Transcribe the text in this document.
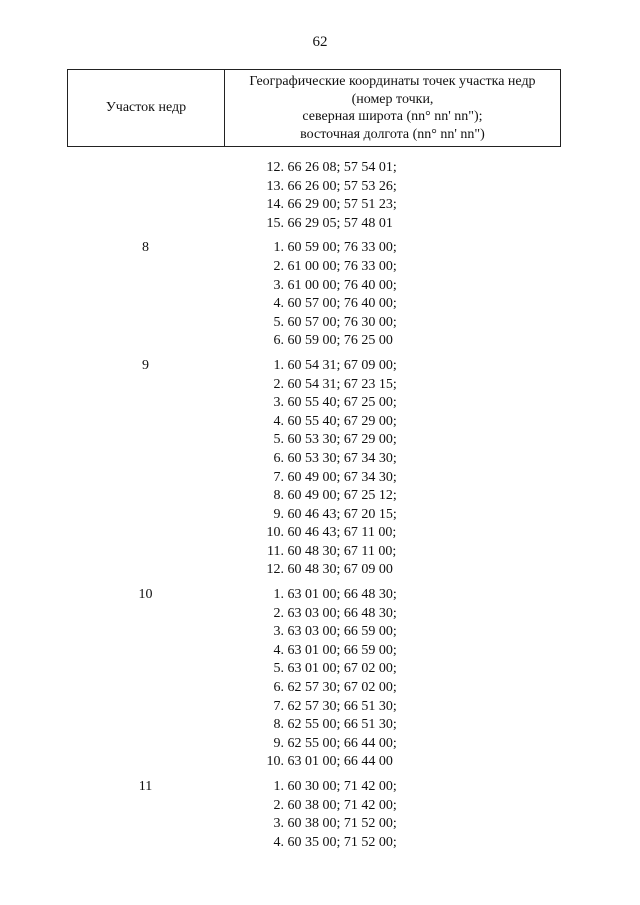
62
Участок недр
Географические координаты точек участка недр
(номер точки,
северная широта (nn° nn' nn");
восточная долгота (nn° nn' nn")
12. 66 26 08; 57 54 01;
13. 66 26 00; 57 53 26;
14. 66 29 00; 57 51 23;
15. 66 29 05; 57 48 01
8	1. 60 59 00; 76 33 00;
2. 61 00 00; 76 33 00;
3. 61 00 00; 76 40 00;
4. 60 57 00; 76 40 00;
5. 60 57 00; 76 30 00;
6. 60 59 00; 76 25 00
9	1. 60 54 31; 67 09 00;
2. 60 54 31; 67 23 15;
3. 60 55 40; 67 25 00;
4. 60 55 40; 67 29 00;
5. 60 53 30; 67 29 00;
6. 60 53 30; 67 34 30;
7. 60 49 00; 67 34 30;
8. 60 49 00; 67 25 12;
9. 60 46 43; 67 20 15;
10. 60 46 43; 67 11 00;
11. 60 48 30; 67 11 00;
12. 60 48 30; 67 09 00
10	1. 63 01 00; 66 48 30;
2. 63 03 00; 66 48 30;
3. 63 03 00; 66 59 00;
4. 63 01 00; 66 59 00;
5. 63 01 00; 67 02 00;
6. 62 57 30; 67 02 00;
7. 62 57 30; 66 51 30;
8. 62 55 00; 66 51 30;
9. 62 55 00; 66 44 00;
10. 63 01 00; 66 44 00
11	1. 60 30 00; 71 42 00;
2. 60 38 00; 71 42 00;
3. 60 38 00; 71 52 00;
4. 60 35 00; 71 52 00;
